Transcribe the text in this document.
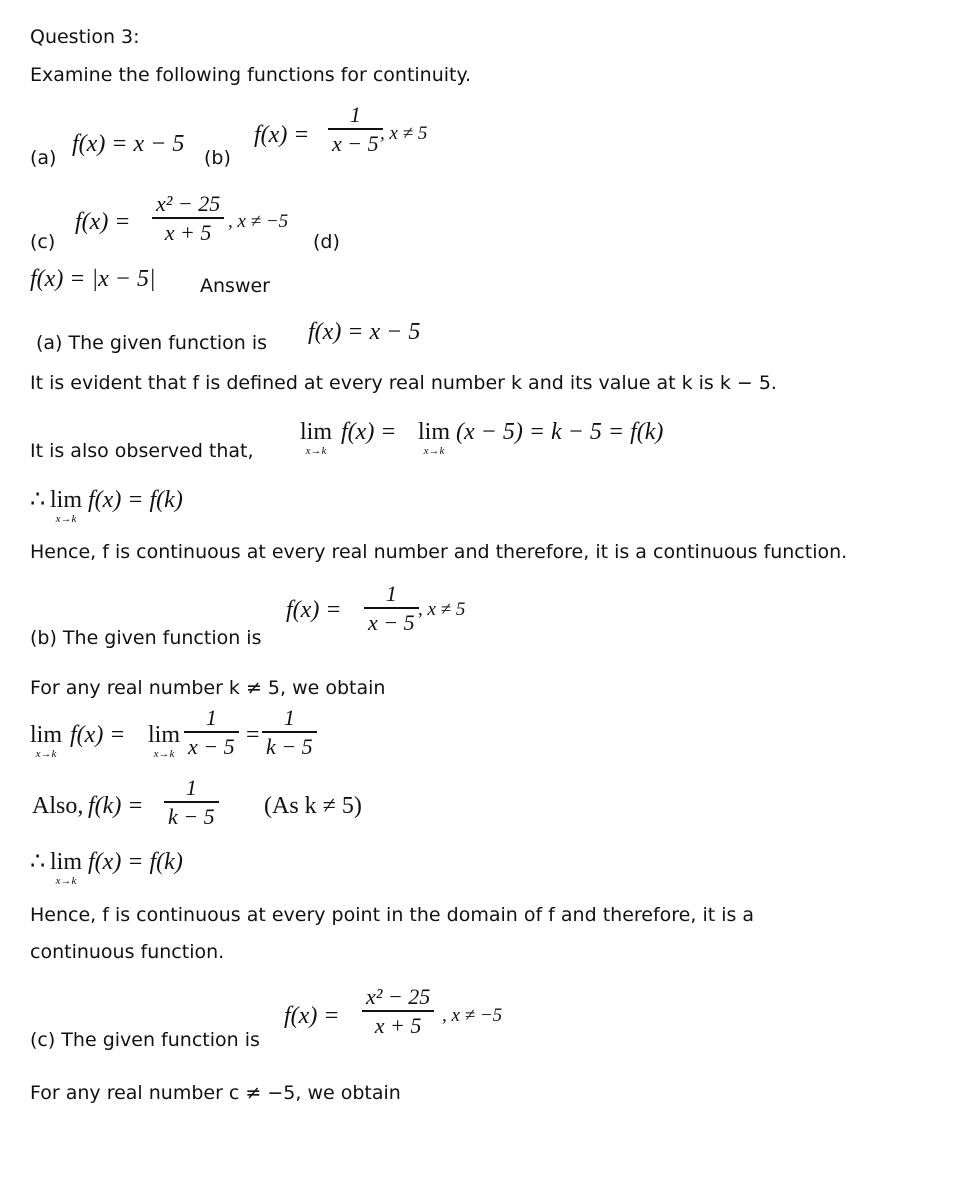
Question 3:
Examine the following functions for continuity.
(a)
f(x) = x − 5
(b)
f(x) =
1
x − 5 , x ≠ 5
(c)
f(x) =
x² − 25
x + 5 , x ≠ −5
(d)
f(x) = |x − 5| Answer
(a) The given function is f(x) = x − 5
It is evident that f is defined at every real number k and its value at k is k − 5.
It is also observed that,
lim
x→k
f(x) = lim
x→k
(x − 5) = k − 5 = f(k)
∴ lim
x→k
f(x) = f(k)
Hence, f is continuous at every real number and therefore, it is a continuous function.
f(x) =
1
x − 5 , x ≠ 5
(b) The given function is
For any real number k ≠ 5, we obtain
lim
x→k
f(x) = lim
x→k
1
x − 5 =
1
k − 5
Also, f(k) =
1
k − 5 (As k ≠ 5)
∴ lim
x→k
f(x) = f(k)
Hence, f is continuous at every point in the domain of f and therefore, it is a
continuous function.
f(x) =
x² − 25
x + 5 , x ≠ −5
(c) The given function is
For any real number c ≠ −5, we obtain
